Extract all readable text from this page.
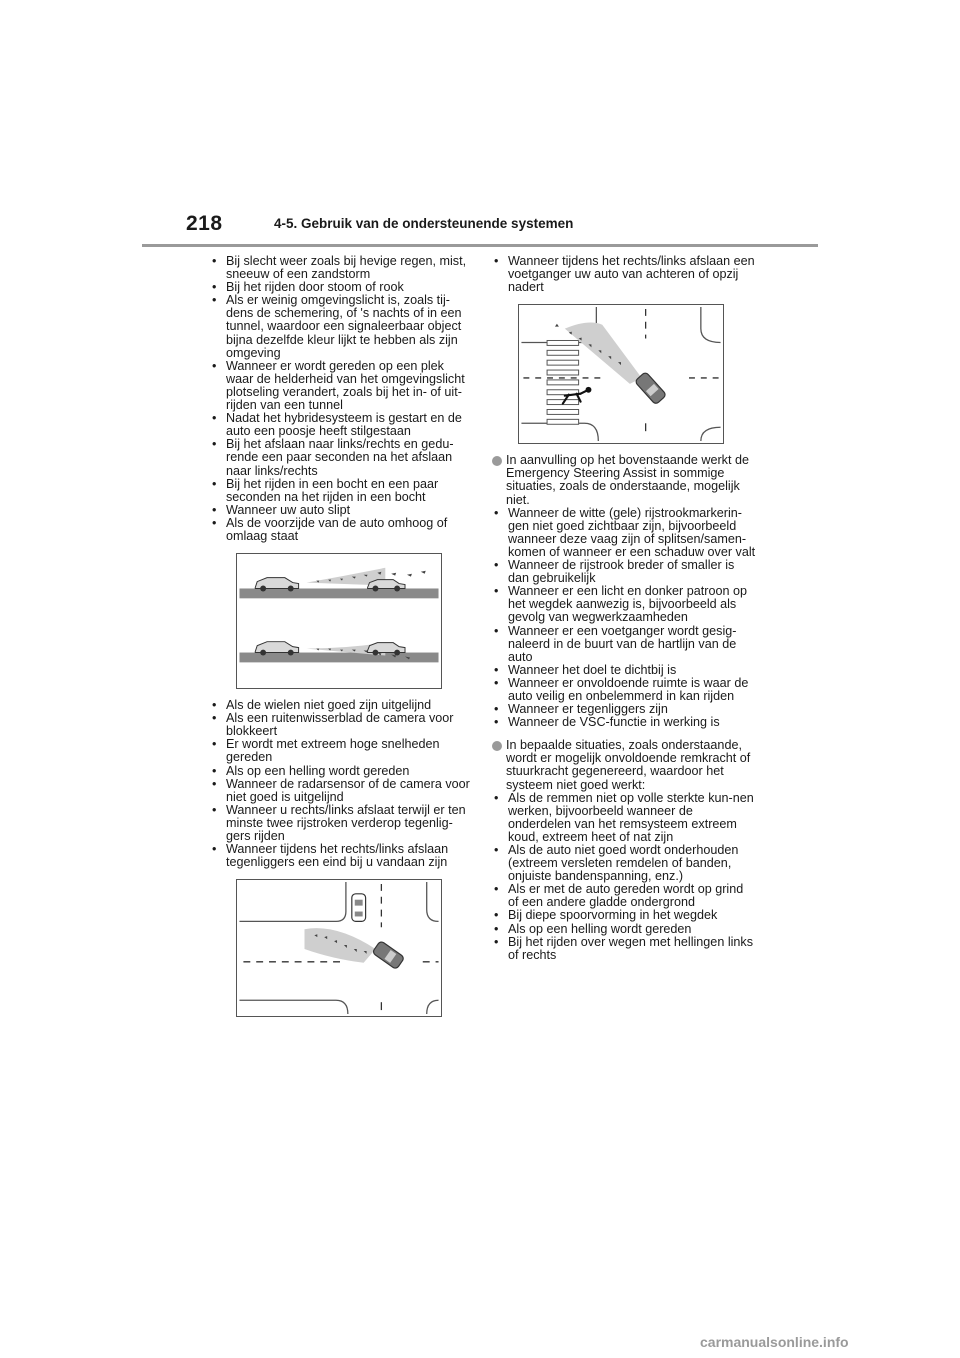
218	4-5. Gebruik van de ondersteunende systemen
• Bij slecht weer zoals bij hevige regen, mist, sneeuw of een zandstorm
• Bij het rijden door stoom of rook
• Als er weinig omgevingslicht is, zoals tij-dens de schemering, of 's nachts of in een tunnel, waardoor een signaleerbaar object bijna dezelfde kleur lijkt te hebben als zijn omgeving
• Wanneer er wordt gereden op een plek waar de helderheid van het omgevingslicht plotseling verandert, zoals bij het in- of uit-rijden van een tunnel
• Nadat het hybridesysteem is gestart en de auto een poosje heeft stilgestaan
• Bij het afslaan naar links/rechts en gedu-rende een paar seconden na het afslaan naar links/rechts
• Bij het rijden in een bocht en een paar seconden na het rijden in een bocht
• Wanneer uw auto slipt
• Als de voorzijde van de auto omhoog of omlaag staat
• Als de wielen niet goed zijn uitgelijnd
• Als een ruitenwisserblad de camera voor blokkeert
• Er wordt met extreem hoge snelheden gereden
• Als op een helling wordt gereden
• Wanneer de radarsensor of de camera voor niet goed is uitgelijnd
• Wanneer u rechts/links afslaat terwijl er ten minste twee rijstroken verderop tegenlig-gers rijden
• Wanneer tijdens het rechts/links afslaan tegenliggers een eind bij u vandaan zijn
• Wanneer tijdens het rechts/links afslaan een voetganger uw auto van achteren of opzij nadert

In aanvulling op het bovenstaande werkt de Emergency Steering Assist in sommige situaties, zoals de onderstaande, mogelijk niet.

• Wanneer de witte (gele) rijstrookmarkerin-gen niet goed zichtbaar zijn, bijvoorbeeld wanneer deze vaag zijn of splitsen/samen-komen of wanneer er een schaduw over valt
• Wanneer de rijstrook breder of smaller is dan gebruikelijk
• Wanneer er een licht en donker patroon op het wegdek aanwezig is, bijvoorbeeld als gevolg van wegwerkzaamheden
• Wanneer er een voetganger wordt gesig-naleerd in de buurt van de hartlijn van de auto
• Wanneer het doel te dichtbij is
• Wanneer er onvoldoende ruimte is waar de auto veilig en onbelemmerd in kan rijden
• Wanneer er tegenliggers zijn
• Wanneer de VSC-functie in werking is

In bepaalde situaties, zoals onderstaande, wordt er mogelijk onvoldoende remkracht of stuurkracht gegenereerd, waardoor het systeem niet goed werkt:

• Als de remmen niet op volle sterkte kun-nen werken, bijvoorbeeld wanneer de onderdelen van het remsysteem extreem koud, extreem heet of nat zijn
• Als de auto niet goed wordt onderhouden (extreem versleten remdelen of banden, onjuiste bandenspanning, enz.)
• Als er met de auto gereden wordt op grind of een andere gladde ondergrond
• Bij diepe spoorvorming in het wegdek
• Als op een helling wordt gereden
• Bij het rijden over wegen met hellingen links of rechts
carmanualsonline.info
